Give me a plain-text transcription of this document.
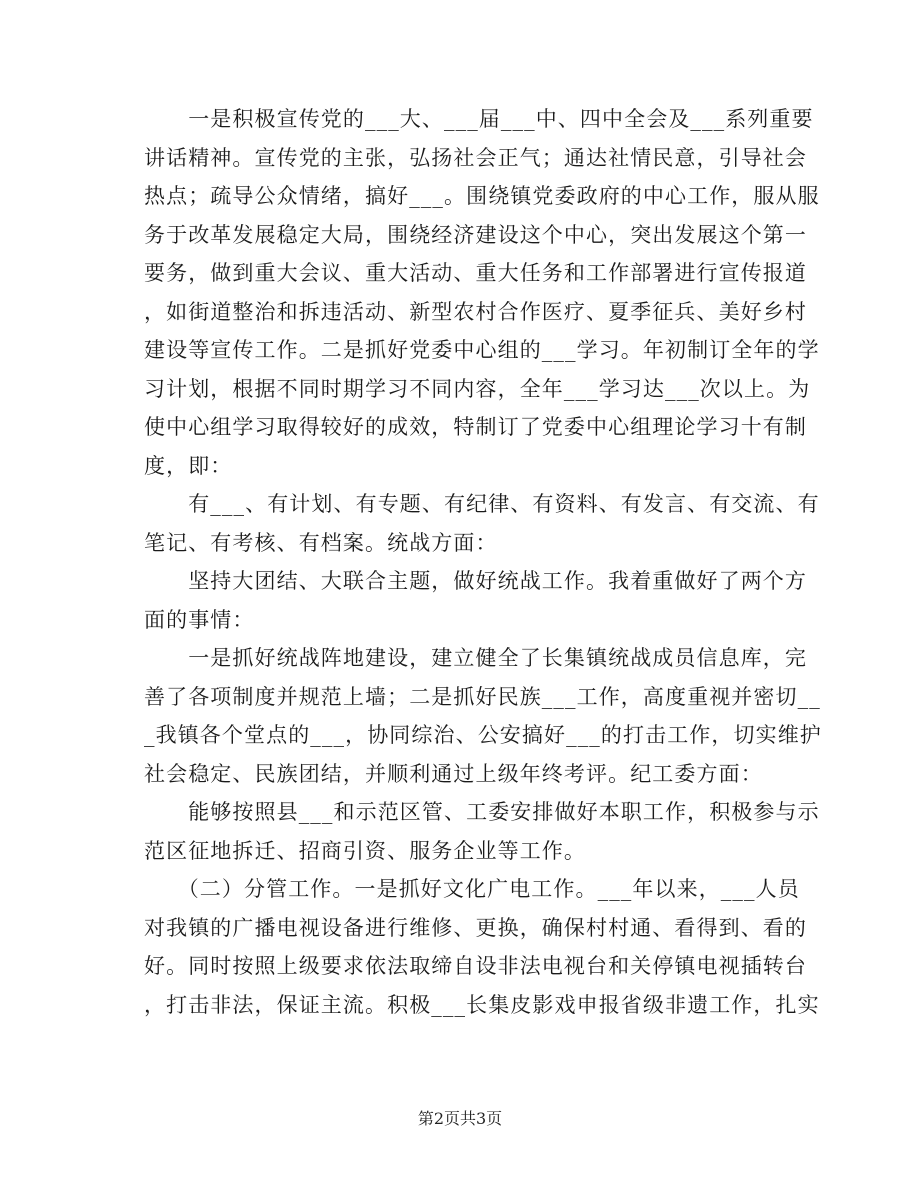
　　一是积极宣传党的___大、___届___中、四中全会及___系列重要
讲话精神。宣传党的主张，弘扬社会正气；通达社情民意，引导社会
热点；疏导公众情绪，搞好___。围绕镇党委政府的中心工作，服从服
务于改革发展稳定大局，围绕经济建设这个中心，突出发展这个第一
要务，做到重大会议、重大活动、重大任务和工作部署进行宣传报道
，如街道整治和拆违活动、新型农村合作医疗、夏季征兵、美好乡村
建设等宣传工作。二是抓好党委中心组的___学习。年初制订全年的学
习计划，根据不同时期学习不同内容，全年___学习达___次以上。为
使中心组学习取得较好的成效，特制订了党委中心组理论学习十有制
度，即：

　　有___、有计划、有专题、有纪律、有资料、有发言、有交流、有
笔记、有考核、有档案。统战方面：

　　坚持大团结、大联合主题，做好统战工作。我着重做好了两个方
面的事情：

　　一是抓好统战阵地建设，建立健全了长集镇统战成员信息库，完
善了各项制度并规范上墙；二是抓好民族___工作，高度重视并密切__
_我镇各个堂点的___，协同综治、公安搞好___的打击工作，切实维护
社会稳定、民族团结，并顺利通过上级年终考评。纪工委方面：

　　能够按照县___和示范区管、工委安排做好本职工作，积极参与示
范区征地拆迁、招商引资、服务企业等工作。

　　（二）分管工作。一是抓好文化广电工作。___年以来，___人员
对我镇的广播电视设备进行维修、更换，确保村村通、看得到、看的
好。同时按照上级要求依法取缔自设非法电视台和关停镇电视插转台
，打击非法，保证主流。积极___长集皮影戏申报省级非遗工作，扎实

第2页共3页
